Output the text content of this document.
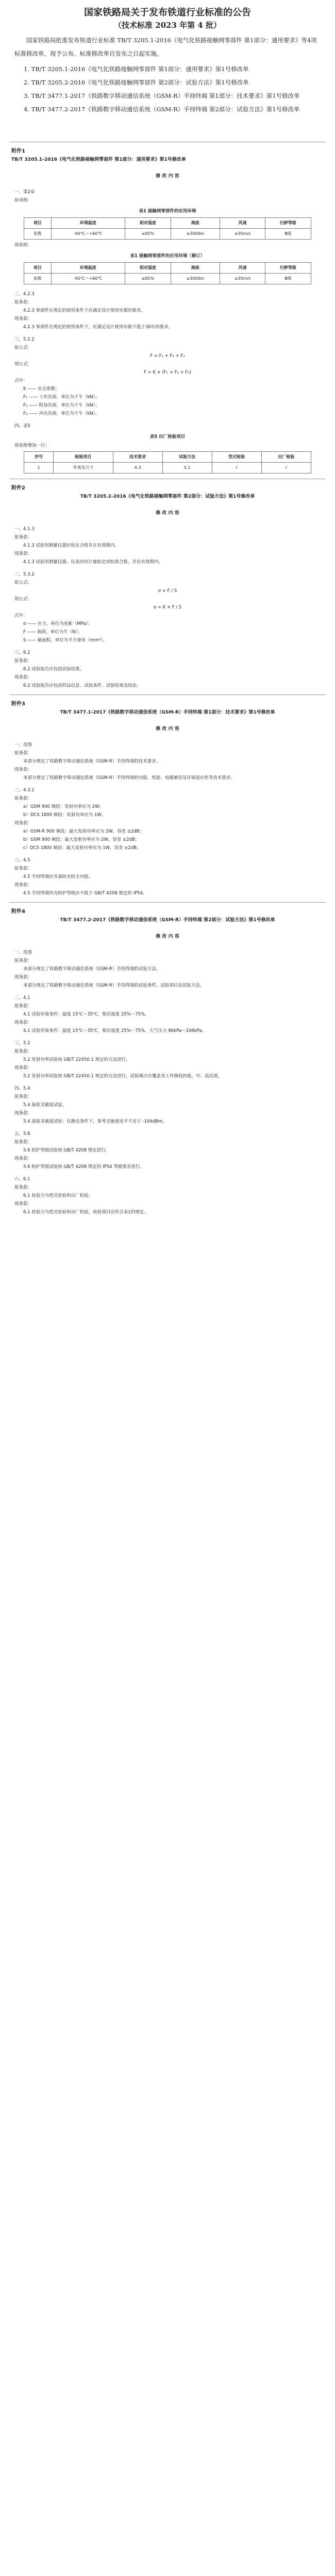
国家铁路局关于发布铁道行业标准的公告
（技术标准 2023 年第 4 批）
国家铁路局批准发布铁道行业标准 TB/T 3205.1-2016《电气化铁路接触网零部件 第1部分：通用要求》等4项标准修改单，现予公布。标准修改单自发布之日起实施。
1. TB/T 3205.1-2016《电气化铁路接触网零部件 第1部分：通用要求》第1号修改单
2. TB/T 3205.2-2016《电气化铁路接触网零部件 第2部分：试验方法》第1号修改单
3. TB/T 3477.1-2017《铁路数字移动通信系统（GSM-R）手持终端 第1部分：技术要求》第1号修改单
4. TB/T 3477.2-2017《铁路数字移动通信系统（GSM-R）手持终端 第2部分：试验方法》第1号修改单
附件1
TB/T 3205.1-2016《电气化铁路接触网零部件 第1部分：通用要求》第1号修改单
修 改 内 容
一、第2章
原表格：
表1 接触网零部件的应用环境
项目	环境温度	相对湿度	海拔	风速	污秽等级
参数	-40℃～+60℃	≤95%	≤3000m	≤35m/s	Ⅲ级
现表格：
表1 接触网零部件的应用环境（修订）
项目	环境温度	相对湿度	海拔	风速	污秽等级
参数	-40℃～+60℃	≤95%	≤3000m	≤35m/s	Ⅲ级
二、4.2.3
原条款：
4.2.3 零部件在规定的使用条件下应满足设计使用年限的要求。
现条款：
4.2.3 零部件在规定的使用条件下，应满足设计使用年限不低于30年的要求。
三、5.2.2
原公式：
F = F₁ + F₂ + F₃
现公式：
F = K × (F₁ + F₂ + F₃)
式中：
K —— 安全系数；
F₁ —— 工作负荷，单位为千牛（kN）；
F₂ —— 附加负荷，单位为千牛（kN）；
F₃ —— 冲击负荷，单位为千牛（kN）。
四、表5
表5 出厂检验项目
现表格增加一行：
序号	检验项目	技术要求	试验方法	型式检验	出厂检验
1	外观及尺寸	4.3	5.1	√	√
附件2
TB/T 3205.2-2016《电气化铁路接触网零部件 第2部分：试验方法》第1号修改单
修 改 内 容
一、4.1.3
原条款：
4.1.3 试验用测量仪器应检定合格并在有效期内。
现条款：
4.1.3 试验用测量仪器、仪表应经计量检定或校准合格，并在有效期内。
二、5.3.2
原公式：
σ = F / S
现公式：
σ = K × F / S
式中：
σ —— 应力，单位为兆帕（MPa）；
F —— 载荷，单位为牛（N）；
S —— 截面积，单位为平方毫米（mm²）。
三、6.2
原条款：
6.2 试验报告应包括试验结果。
现条款：
6.2 试验报告应包括样品信息、试验条件、试验结果及结论。
附件3
TB/T 3477.1-2017《铁路数字移动通信系统（GSM-R）手持终端 第1部分：技术要求》第1号修改单
修 改 内 容
一、范围
原条款：
本部分规定了铁路数字移动通信系统（GSM-R）手持终端的技术要求。
现条款：
本部分规定了铁路数字移动通信系统（GSM-R）手持终端的功能、性能、电磁兼容及环境适应性等技术要求。
二、4.3.1
原条款：
a）GSM 900 频段：发射功率应为 2W；
b）DCS 1800 频段：发射功率应为 1W。
现条款：
a）GSM-R 900 频段：最大发射功率应为 2W，容差 ±2dB；
b）GSM 900 频段：最大发射功率应为 2W，容差 ±2dB；
c）DCS 1800 频段：最大发射功率应为 1W，容差 ±2dB。
三、4.5
原条款：
4.5 手持终端应具备防水防尘功能。
现条款：
4.5 手持终端外壳防护等级应不低于 GB/T 4208 规定的 IP54。
附件4
TB/T 3477.2-2017《铁路数字移动通信系统（GSM-R）手持终端 第2部分：试验方法》第1号修改单
修 改 内 容
一、范围
原条款：
本部分规定了铁路数字移动通信系统（GSM-R）手持终端的试验方法。
现条款：
本部分规定了铁路数字移动通信系统（GSM-R）手持终端的试验条件、试验项目及试验方法。
二、4.1
原条款：
4.1 试验环境条件：温度 15℃～35℃，相对湿度 25%～75%。
现条款：
4.1 试验环境条件：温度 15℃～35℃，相对湿度 25%～75%，大气压力 86kPa～106kPa。
三、5.2
原条款：
5.2 发射功率试验按 GB/T 22450.1 规定的方法进行。
现条款：
5.2 发射功率试验按 GB/T 22450.1 规定的方法进行，试验频点应覆盖各工作频段的低、中、高信道。
四、5.4
原条款：
5.4 接收灵敏度试验。
现条款：
5.4 接收灵敏度试验：在静态条件下，参考灵敏度电平不劣于 -104dBm。
五、5.6
原条款：
5.6 防护等级试验按 GB/T 4208 规定进行。
现条款：
5.6 防护等级试验按 GB/T 4208 规定的 IP54 等级要求进行。
六、6.1
原条款：
6.1 检验分为型式检验和出厂检验。
现条款：
6.1 检验分为型式检验和出厂检验，检验项目应符合表1的规定。
